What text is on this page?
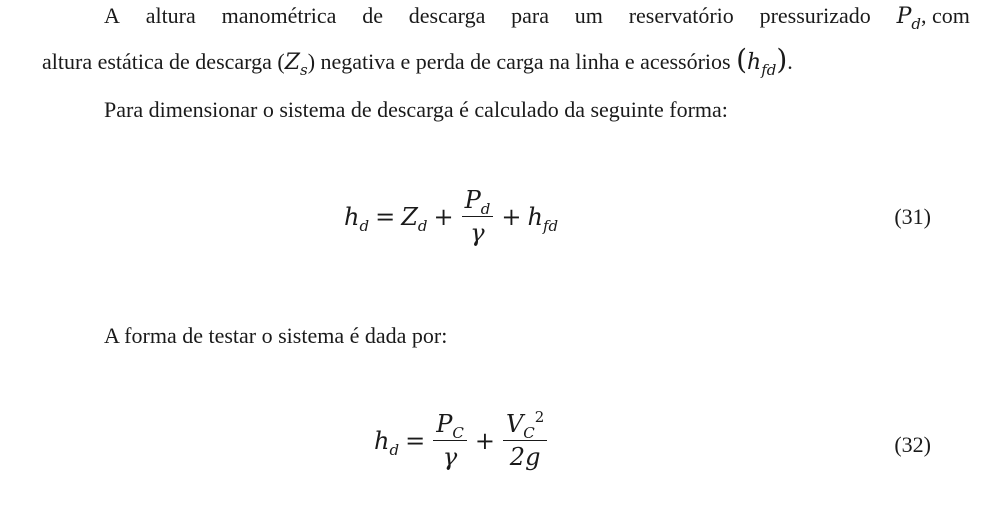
A altura manométrica de descarga para um reservatório pressurizado $P_d$, com
altura estática de descarga $(Z_s)$ negativa e perda de carga na linha e acessórios $(h_{fd})$.
Para dimensionar o sistema de descarga é calculado da seguinte forma:
$h_d = Z_d + \frac{P_d}{\gamma} + h_{fd}$	(31)
A forma de testar o sistema é dada por:
$h_d = \frac{P_C}{\gamma} + \frac{V_C^2}{2g}$	(32)
